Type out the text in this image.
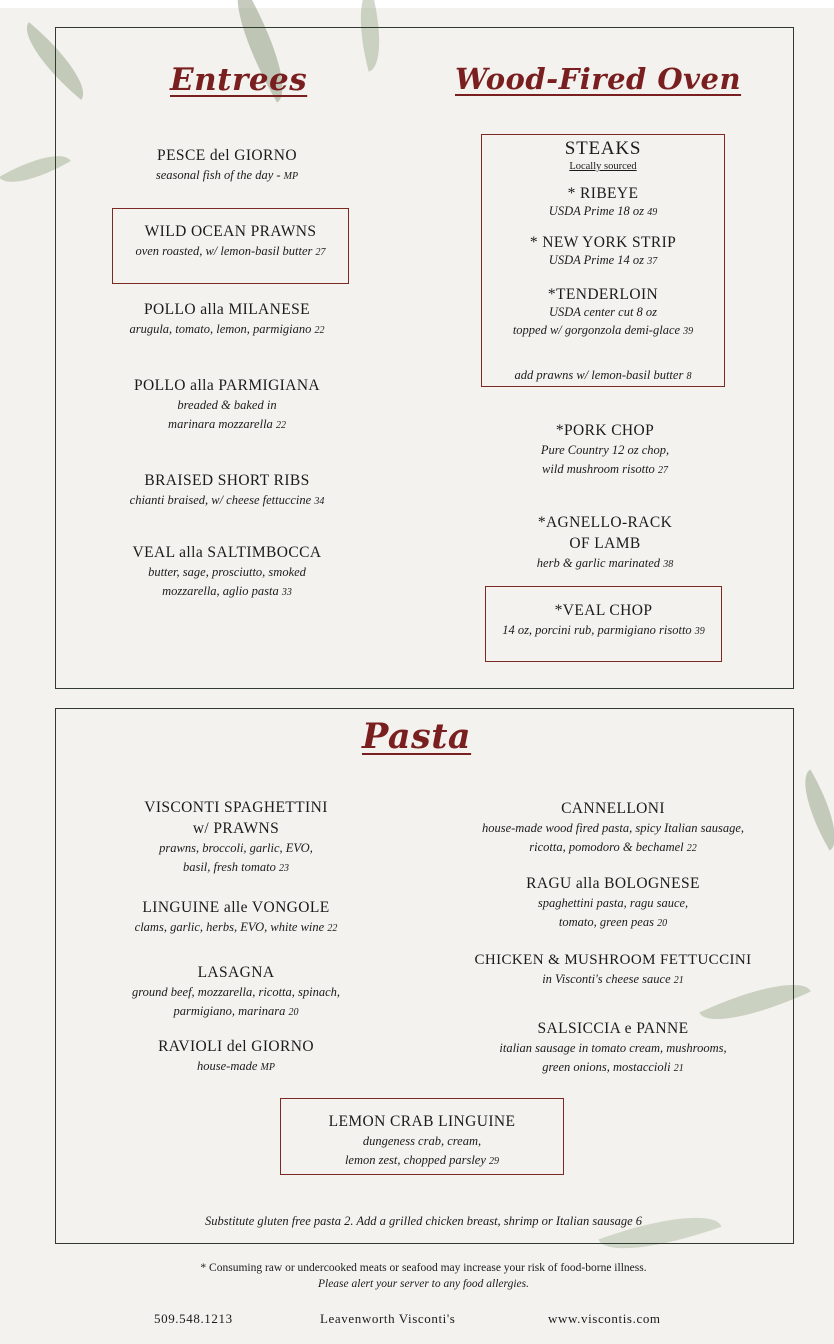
Entrees	Wood-Fired Oven
Pasta
PESCE del GIORNO
seasonal fish of the day - MP
WILD OCEAN PRAWNS
oven roasted, w/ lemon-basil butter 27
POLLO alla MILANESE
arugula, tomato, lemon, parmigiano 22
POLLO alla PARMIGIANA
breaded & baked in
marinara mozzarella 22
BRAISED SHORT RIBS
chianti braised, w/ cheese fettuccine 34
VEAL alla SALTIMBOCCA
butter, sage, prosciutto, smoked
mozzarella, aglio pasta 33
STEAKS
Locally sourced
* RIBEYE
USDA Prime 18 oz 49
* NEW YORK STRIP
USDA Prime 14 oz 37
*TENDERLOIN
USDA center cut 8 oz
topped w/ gorgonzola demi-glace 39
add prawns w/ lemon-basil butter 8
*PORK CHOP
Pure Country 12 oz chop,
wild mushroom risotto 27
*AGNELLO-RACK
OF LAMB
herb & garlic marinated 38
*VEAL CHOP
14 oz, porcini rub, parmigiano risotto 39
VISCONTI SPAGHETTINI
w/ PRAWNS
prawns, broccoli, garlic, EVO,
basil, fresh tomato 23
LINGUINE alle VONGOLE
clams, garlic, herbs, EVO, white wine 22
LASAGNA
ground beef, mozzarella, ricotta, spinach,
parmigiano, marinara 20
RAVIOLI del GIORNO
house-made MP
CANNELLONI
house-made wood fired pasta, spicy Italian sausage,
ricotta, pomodoro & bechamel 22
RAGU alla BOLOGNESE
spaghettini pasta, ragu sauce,
tomato, green peas 20
CHICKEN & MUSHROOM FETTUCCINI
in Visconti's cheese sauce 21
SALSICCIA e PANNE
italian sausage in tomato cream, mushrooms,
green onions, mostaccioli 21
LEMON CRAB LINGUINE
dungeness crab, cream,
lemon zest, chopped parsley 29
Substitute gluten free pasta 2. Add a grilled chicken breast, shrimp or Italian sausage 6
* Consuming raw or undercooked meats or seafood may increase your risk of food-borne illness.
Please alert your server to any food allergies.
509.548.1213	Leavenworth Visconti's	www.viscontis.com
